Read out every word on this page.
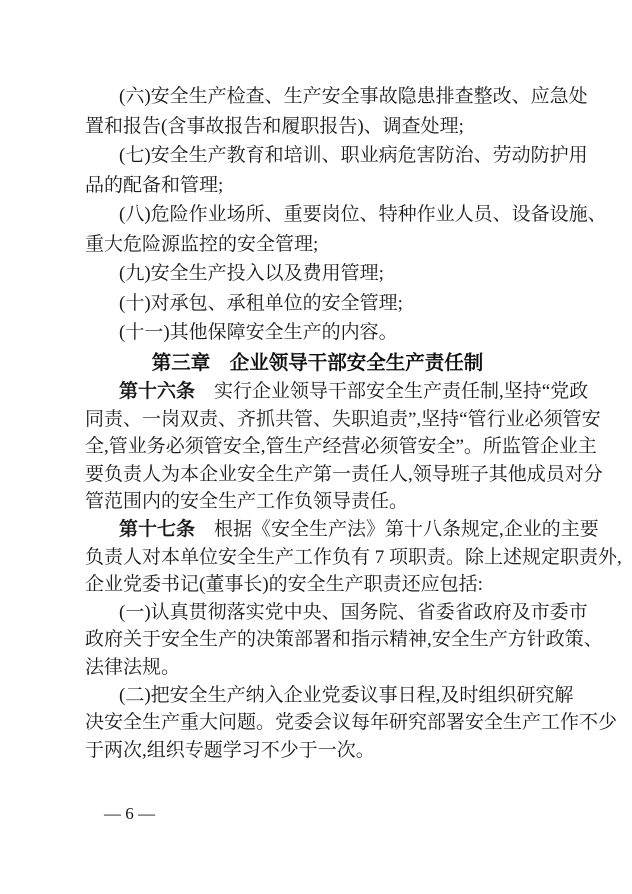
(六)安全生产检查、生产安全事故隐患排查整改、应急处
置和报告(含事故报告和履职报告)、调查处理;
(七)安全生产教育和培训、职业病危害防治、劳动防护用
品的配备和管理;
(八)危险作业场所、重要岗位、特种作业人员、设备设施、
重大危险源监控的安全管理;
(九)安全生产投入以及费用管理;
(十)对承包、承租单位的安全管理;
(十一)其他保障安全生产的内容。
第三章　企业领导干部安全生产责任制
第十六条　实行企业领导干部安全生产责任制,坚持“党政
同责、一岗双责、齐抓共管、失职追责”,坚持“管行业必须管安
全,管业务必须管安全,管生产经营必须管安全”。所监管企业主
要负责人为本企业安全生产第一责任人,领导班子其他成员对分
管范围内的安全生产工作负领导责任。
第十七条　根据《安全生产法》第十八条规定,企业的主要
负责人对本单位安全生产工作负有 7 项职责。除上述规定职责外,
企业党委书记(董事长)的安全生产职责还应包括:
(一)认真贯彻落实党中央、国务院、省委省政府及市委市
政府关于安全生产的决策部署和指示精神,安全生产方针政策、
法律法规。
(二)把安全生产纳入企业党委议事日程,及时组织研究解
决安全生产重大问题。党委会议每年研究部署安全生产工作不少
于两次,组织专题学习不少于一次。
— 6 —
